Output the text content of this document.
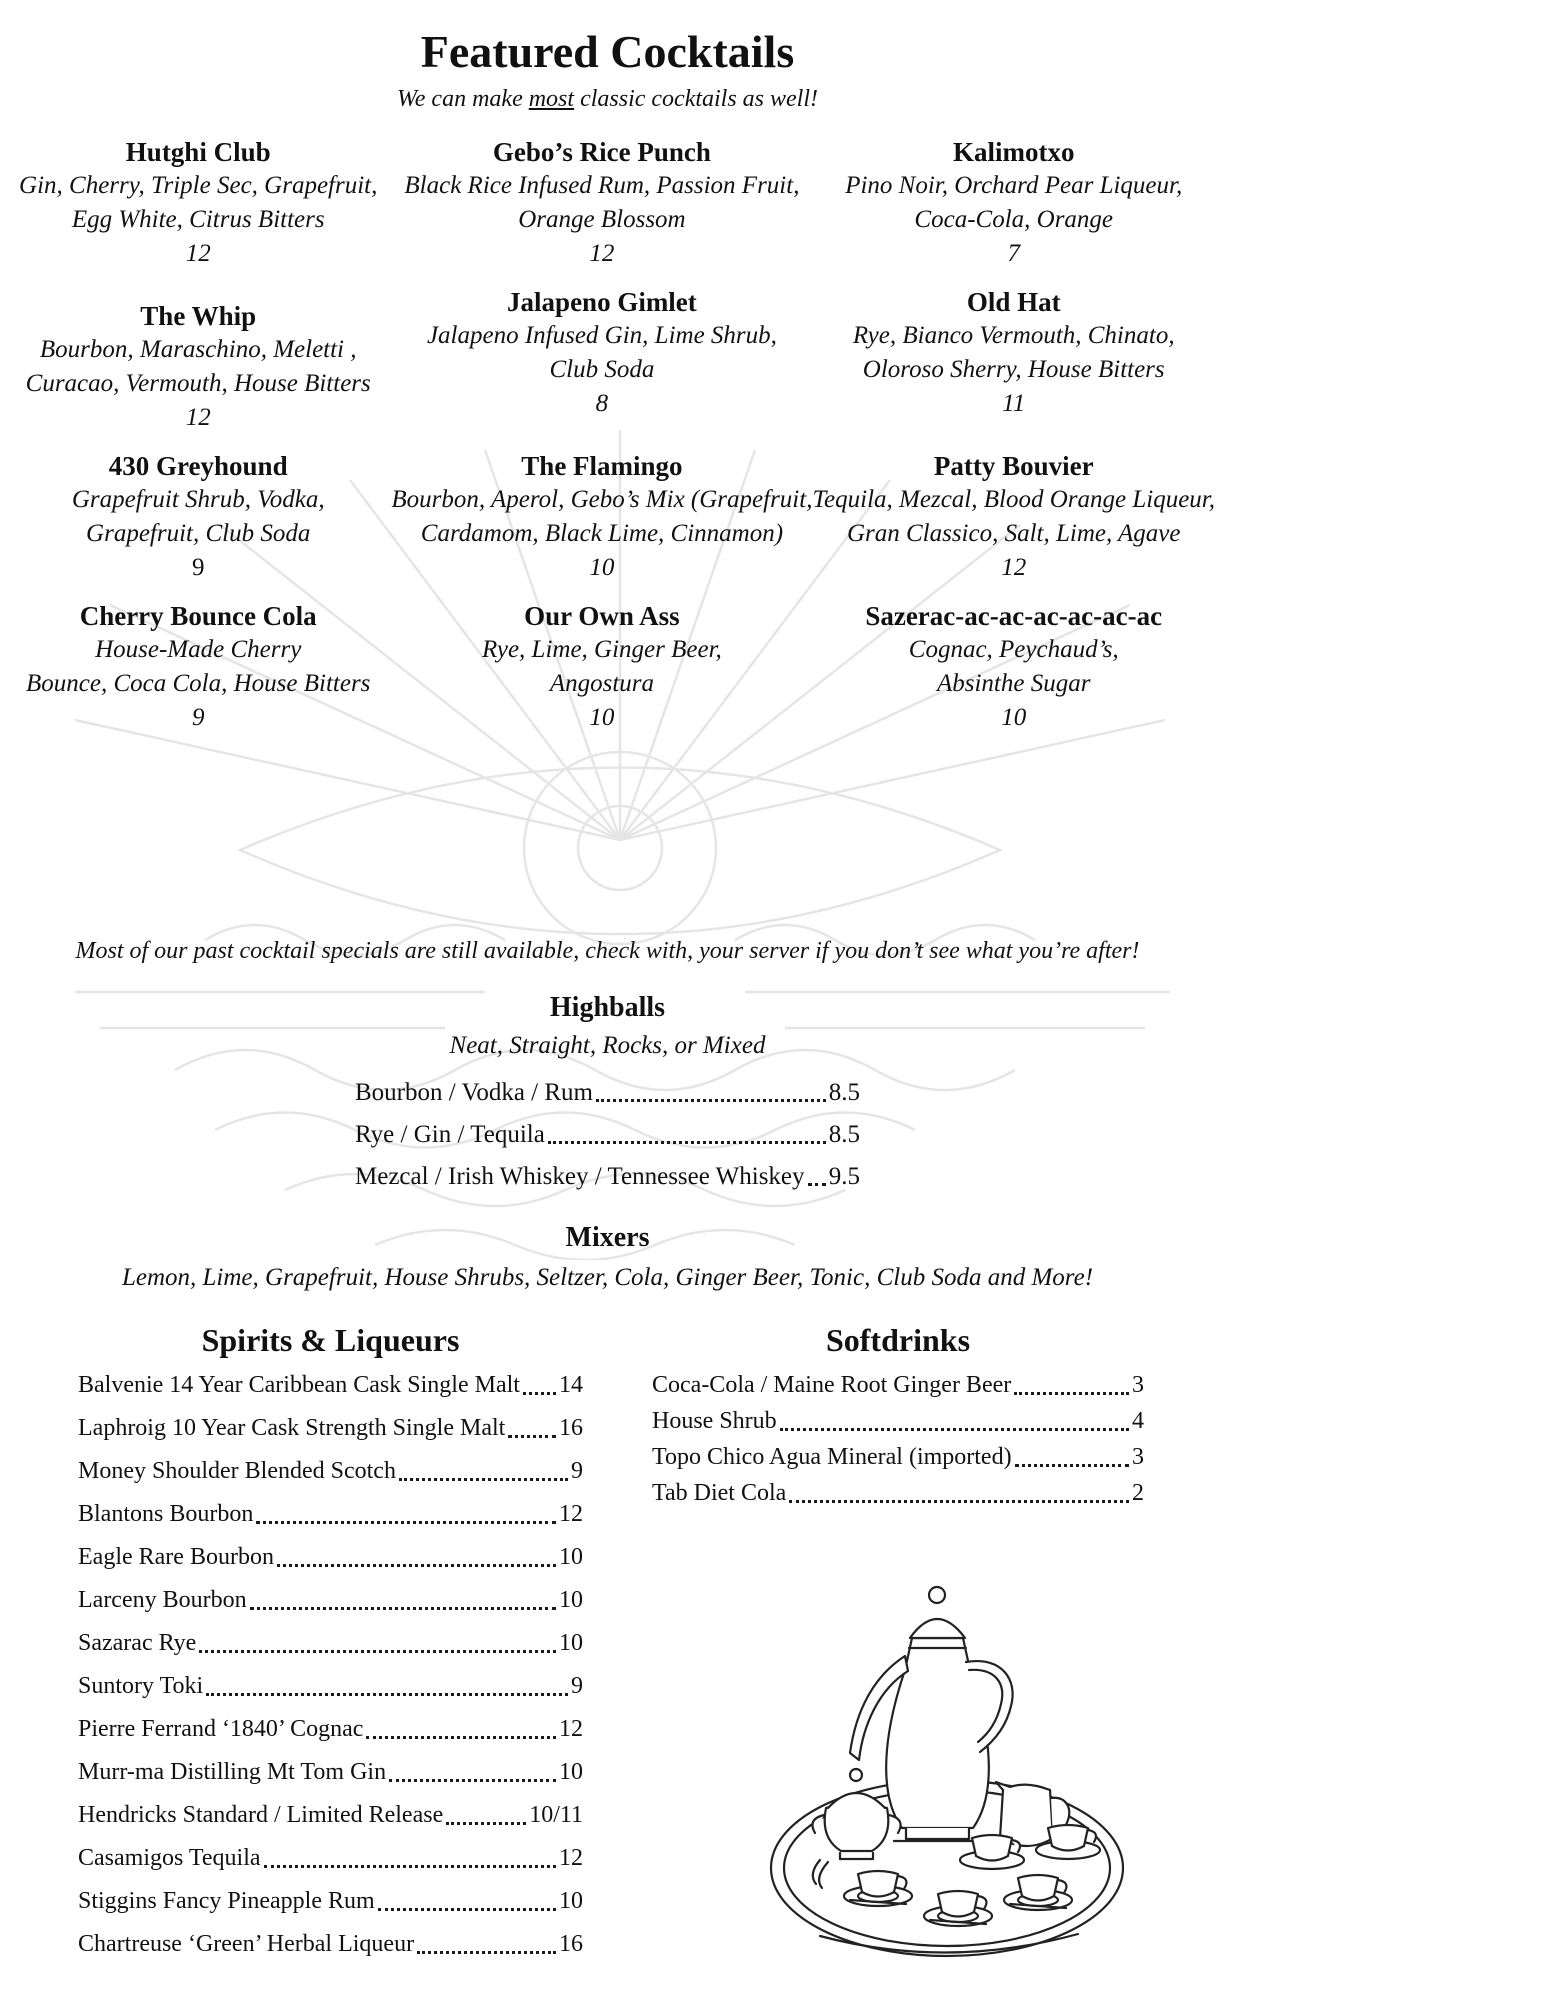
Featured Cocktails
We can make most classic cocktails as well!
Hutghi Club
Gin, Cherry, Triple Sec, Grapefruit,
Egg White, Citrus Bitters
12
Gebo’s Rice Punch
Black Rice Infused Rum, Passion Fruit,
Orange Blossom
12
Kalimotxo
Pino Noir, Orchard Pear Liqueur,
Coca-Cola, Orange
7
The Whip
Bourbon, Maraschino, Meletti ,
Curacao, Vermouth, House Bitters
12
Jalapeno Gimlet
Jalapeno Infused Gin, Lime Shrub,
Club Soda
8
Old Hat
Rye, Bianco Vermouth, Chinato,
Oloroso Sherry, House Bitters
11
430 Greyhound
Grapefruit Shrub, Vodka,
Grapefruit, Club Soda
9
The Flamingo
Bourbon, Aperol, Gebo’s Mix (Grapefruit,
Cardamom, Black Lime, Cinnamon)
10
Patty Bouvier
Tequila, Mezcal, Blood Orange Liqueur,
Gran Classico, Salt, Lime, Agave
12
Cherry Bounce Cola
House-Made Cherry
Bounce, Coca Cola, House Bitters
9
Our Own Ass
Rye, Lime, Ginger Beer,
Angostura
10
Sazerac-ac-ac-ac-ac-ac-ac
Cognac, Peychaud’s,
Absinthe Sugar
10
Most of our past cocktail specials are still available, check with, your server if you don’t see what you’re after!
Highballs
Neat, Straight, Rocks, or Mixed
Bourbon / Vodka / Rum	8.5
Rye / Gin / Tequila	8.5
Mezcal / Irish Whiskey / Tennessee Whiskey 9.5
Mixers
Lemon, Lime, Grapefruit, House Shrubs, Seltzer, Cola, Ginger Beer, Tonic, Club Soda and More!
Spirits & Liqueurs
Balvenie 14 Year Caribbean Cask Single Malt 14
Laphroig 10 Year Cask Strength Single Malt 16
Money Shoulder Blended Scotch	9
Blantons Bourbon	12
Eagle Rare Bourbon	10
Larceny Bourbon	10
Sazarac Rye	10
Suntory Toki	9
Pierre Ferrand ‘1840’ Cognac	12
Murr-ma Distilling Mt Tom Gin	10
Hendricks Standard / Limited Release	10/11
Casamigos Tequila	12
Stiggins Fancy Pineapple Rum	10
Chartreuse ‘Green’ Herbal Liqueur	16
Softdrinks
Coca-Cola / Maine Root Ginger Beer	3
House Shrub	4
Topo Chico Agua Mineral (imported)	3
Tab Diet Cola	2
